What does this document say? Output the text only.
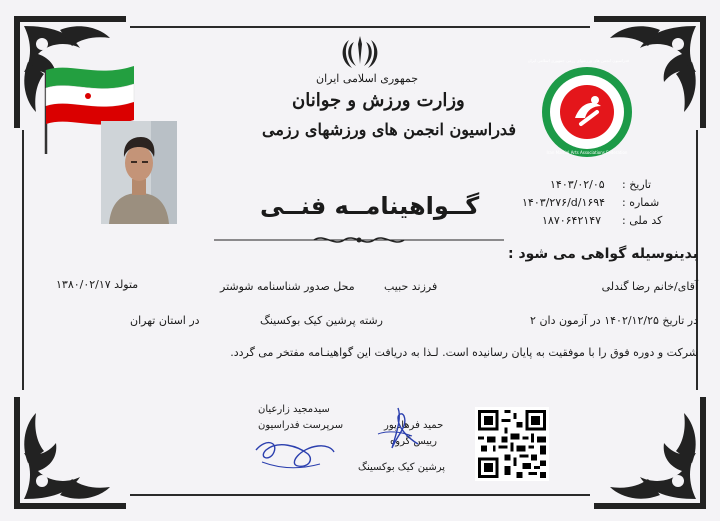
جمهوری اسلامی ایران
وزارت ورزش و جوانان
فدراسیون انجمن های ورزشهای رزمی
گــواهینامــه فنــی
فدراسیون انجمن های ورزشهای رزمی جمهوری اسلامی ایران
Iran Martial Arts Associations Federation
تاریخ :
۱۴۰۳/۰۲/۰۵
شماره :
۱۴۰۳/۲۷۶/d/۱۶۹۴
کد ملی :
۱۸۷۰۶۴۲۱۴۷
بدینوسیله گواهی می شود :
آقای/خانم رضا گندلی
فرزند حبیب
محل صدور شناسنامه شوشتر
متولد ۱۳۸۰/۰۲/۱۷
در تاریخ ۱۴۰۲/۱۲/۲۵ در آزمون دان ۲
رشته پرشین کیک بوکسینگ
در استان تهران
شرکت و دوره فوق را با موفقیت به پایان رسانیده است. لـذا به دریافت این گواهینـامه مفتخر می گردد.
سیدمجید زارعیان
سرپرست فدراسیون	حمید فرهادپور
رییس گروه
پرشین کیک بوکسینگ
